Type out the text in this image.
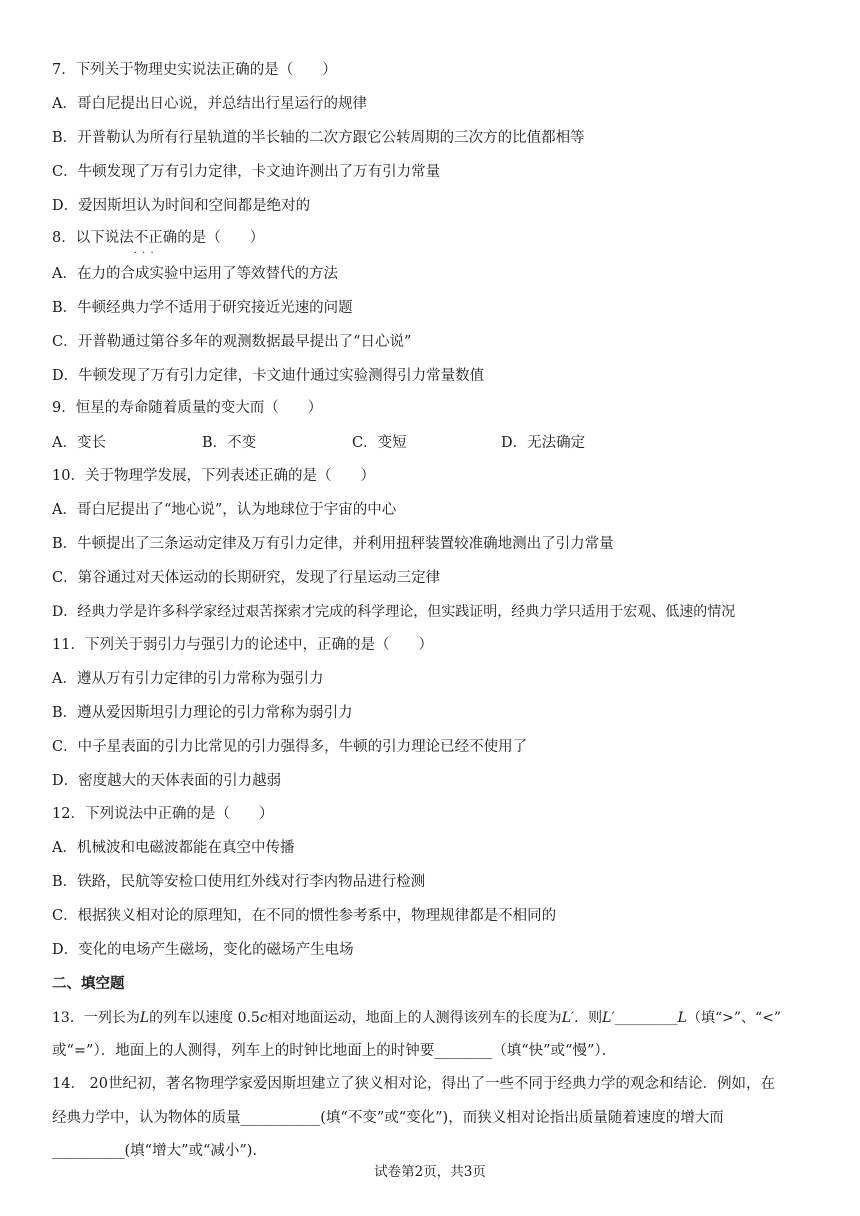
7．下列关于物理史实说法正确的是（　　）
A．哥白尼提出日心说，并总结出行星运行的规律
B．开普勒认为所有行星轨道的半长轴的二次方跟它公转周期的三次方的比值都相等
C．牛顿发现了万有引力定律，卡文迪许测出了万有引力常量
D．爱因斯坦认为时间和空间都是绝对的
8．以下说法不正确 · · ·的是（　　）
A．在力的合成实验中运用了等效替代的方法
B．牛顿经典力学不适用于研究接近光速的问题
C．开普勒通过第谷多年的观测数据最早提出了“日心说”
D．牛顿发现了万有引力定律，卡文迪什通过实验测得引力常量数值
9．恒星的寿命随着质量的变大而（　　）
A．变长	B．不变	C．变短	D．无法确定
10．关于物理学发展，下列表述正确的是（　　）
A．哥白尼提出了“地心说”，认为地球位于宇宙的中心
B．牛顿提出了三条运动定律及万有引力定律，并利用扭秤装置较准确地测出了引力常量
C．第谷通过对天体运动的长期研究，发现了行星运动三定律
D．经典力学是许多科学家经过艰苦探索才完成的科学理论，但实践证明，经典力学只适用于宏观、低速的情况
11．下列关于弱引力与强引力的论述中，正确的是（　　）
A．遵从万有引力定律的引力常称为强引力
B．遵从爱因斯坦引力理论的引力常称为弱引力
C．中子星表面的引力比常见的引力强得多，牛顿的引力理论已经不使用了
D．密度越大的天体表面的引力越弱
12．下列说法中正确的是（　　）
A．机械波和电磁波都能在真空中传播
B．铁路，民航等安检口使用红外线对行李内物品进行检测
C．根据狭义相对论的原理知，在不同的惯性参考系中，物理规律都是不相同的
D．变化的电场产生磁场，变化的磁场产生电场
二、填空题
13．一列长为L的列车以速度 0.5c相对地面运动，地面上的人测得该列车的长度为L′．则L′_________L（填“>”、“<”
或“=”）．地面上的人测得，列车上的时钟比地面上的时钟要________（填“快”或“慢”）．
14． 20世纪初，著名物理学家爱因斯坦建立了狭义相对论，得出了一些不同于经典力学的观念和结论．例如，在
经典力学中，认为物体的质量___________(填“不变”或“变化”)，而狭义相对论指出质量随着速度的增大而
__________(填“增大”或“减小”)．
试卷第2页，共3页
